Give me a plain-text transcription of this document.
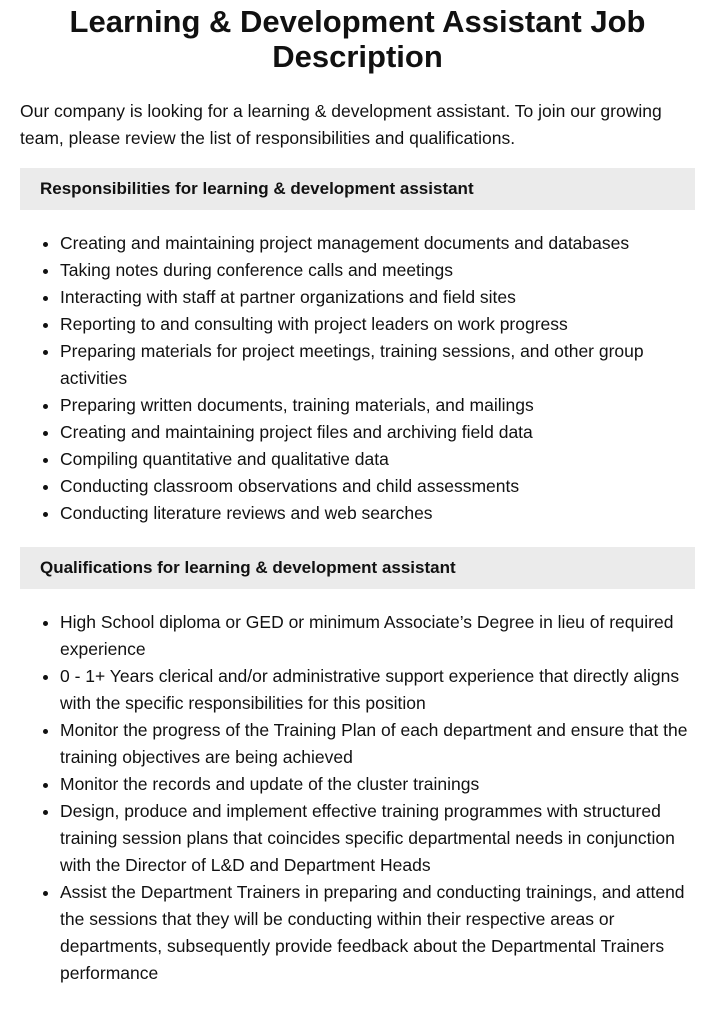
Learning & Development Assistant Job Description

Our company is looking for a learning & development assistant. To join our growing team, please review the list of responsibilities and qualifications.

Responsibilities for learning & development assistant
• Creating and maintaining project management documents and databases
• Taking notes during conference calls and meetings
• Interacting with staff at partner organizations and field sites
• Reporting to and consulting with project leaders on work progress
• Preparing materials for project meetings, training sessions, and other group activities
• Preparing written documents, training materials, and mailings
• Creating and maintaining project files and archiving field data
• Compiling quantitative and qualitative data
• Conducting classroom observations and child assessments
• Conducting literature reviews and web searches
Qualifications for learning & development assistant
• High School diploma or GED or minimum Associate’s Degree in lieu of required experience
• 0 - 1+ Years clerical and/or administrative support experience that directly aligns with the specific responsibilities for this position
• Monitor the progress of the Training Plan of each department and ensure that the training objectives are being achieved
• Monitor the records and update of the cluster trainings
• Design, produce and implement effective training programmes with structured training session plans that coincides specific departmental needs in conjunction with the Director of L&D and Department Heads
• Assist the Department Trainers in preparing and conducting trainings, and attend the sessions that they will be conducting within their respective areas or departments, subsequently provide feedback about the Departmental Trainers performance
